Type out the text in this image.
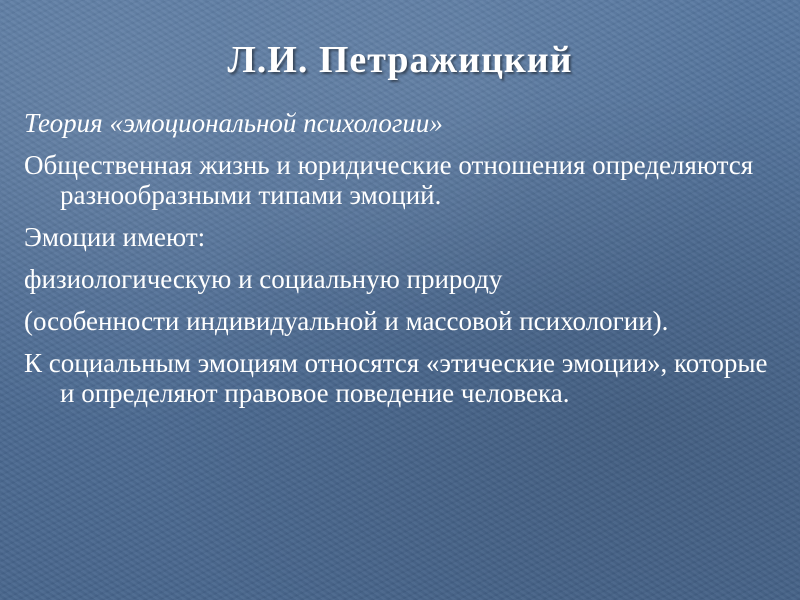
Л.И. Петражицкий

Теория «эмоциональной психологии»

Общественная жизнь и юридические отношения определяются разнообразными типами эмоций.

Эмоции имеют:

физиологическую и социальную природу

(особенности индивидуальной и массовой психологии).

К социальным эмоциям относятся «этические эмоции», которые и определяют правовое поведение человека.
